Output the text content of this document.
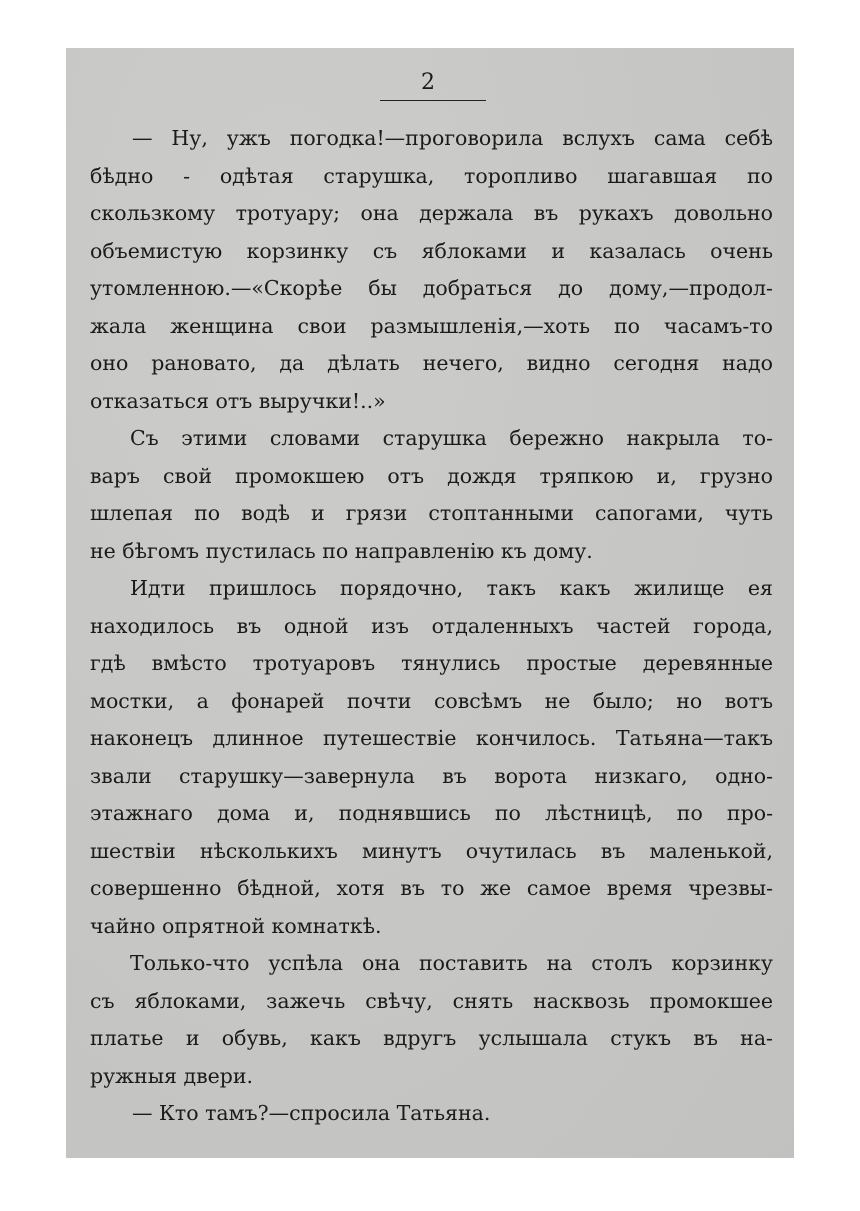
2
— Ну, ужъ погодка!—проговорила вслухъ сама себѣ
бѣдно - одѣтая старушка, торопливо шагавшая по
скользкому тротуару; она держала въ рукахъ довольно
объемистую корзинку съ яблоками и казалась очень
утомленною.—«Скорѣе бы добраться до дому,—продол-
жала женщина свои размышленія,—хоть по часамъ-то
оно рановато, да дѣлать нечего, видно сегодня надо
отказаться отъ выручки!..»
Съ этими словами старушка бережно накрыла то-
варъ свой промокшею отъ дождя тряпкою и, грузно
шлепая по водѣ и грязи стоптанными сапогами, чуть
не бѣгомъ пустилась по направленію къ дому.
Идти пришлось порядочно, такъ какъ жилище ея
находилось въ одной изъ отдаленныхъ частей города,
гдѣ вмѣсто тротуаровъ тянулись простые деревянные
мостки, а фонарей почти совсѣмъ не было; но вотъ
наконецъ длинное путешествіе кончилось. Татьяна—такъ
звали старушку—завернула въ ворота низкаго, одно-
этажнаго дома и, поднявшись по лѣстницѣ, по про-
шествіи нѣсколькихъ минутъ очутилась въ маленькой,
совершенно бѣдной, хотя въ то же самое время чрезвы-
чайно опрятной комнаткѣ.
Только-что успѣла она поставить на столъ корзинку
съ яблоками, зажечь свѣчу, снять насквозь промокшее
платье и обувь, какъ вдругъ услышала стукъ въ на-
ружныя двери.
— Кто тамъ?—спросила Татьяна.
